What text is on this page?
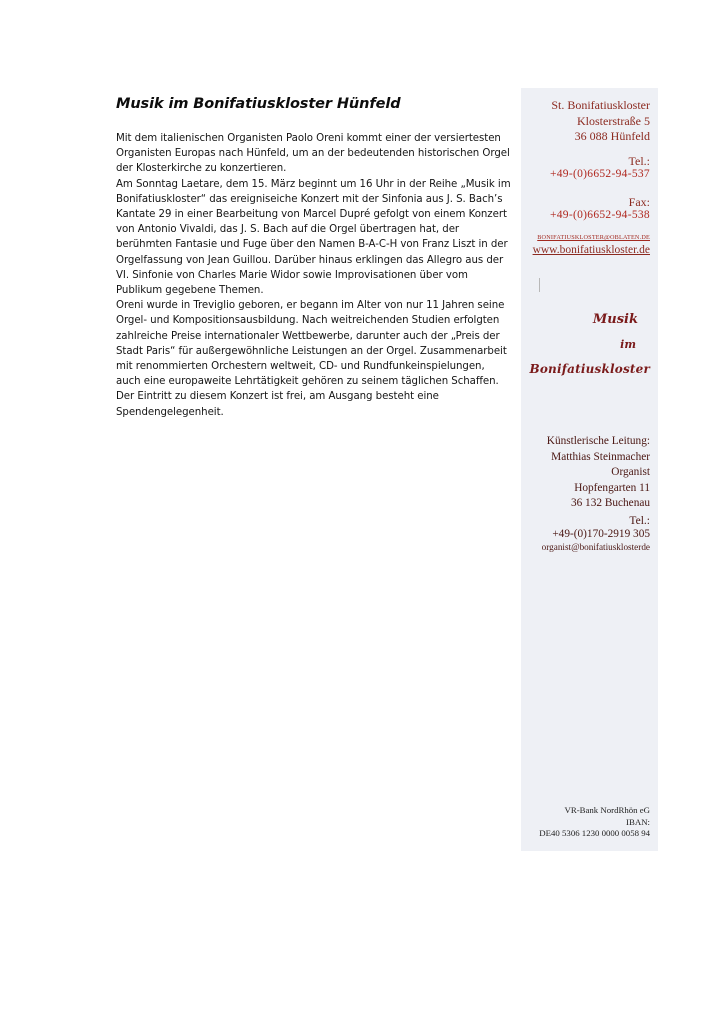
Musik im Bonifatiuskloster Hünfeld

Mit dem italienischen Organisten Paolo Oreni kommt einer der versiertesten Organisten Europas nach Hünfeld, um an der bedeutenden historischen Orgel der Klosterkirche zu konzertieren.

Am Sonntag Laetare, dem 15. März beginnt um 16 Uhr in der Reihe „Musik im Bonifatiuskloster“ das ereigniseiche Konzert mit der Sinfonia aus J. S. Bach’s Kantate 29 in einer Bearbeitung von Marcel Dupré gefolgt von einem Konzert von Antonio Vivaldi, das J. S. Bach auf die Orgel übertragen hat, der berühmten Fantasie und Fuge über den Namen B-A-C-H von Franz Liszt in der Orgelfassung von Jean Guillou. Darüber hinaus erklingen das Allegro aus der VI. Sinfonie von Charles Marie Widor sowie Improvisationen über vom Publikum gegebene Themen.

Oreni wurde in Treviglio geboren, er begann im Alter von nur 11 Jahren seine Orgel- und Kompositionsausbildung. Nach weitreichenden Studien erfolgten zahlreiche Preise internationaler Wettbewerbe, darunter auch der „Preis der Stadt Paris“ für außergewöhnliche Leistungen an der Orgel. Zusammenarbeit mit renommierten Orchestern weltweit, CD- und Rundfunkeinspielungen, auch eine europaweite Lehrtätigkeit gehören zu seinem täglichen Schaffen.

Der Eintritt zu diesem Konzert ist frei, am Ausgang besteht eine Spendengelegenheit.

St. Bonifatiuskloster
Klosterstraße 5
36 088 Hünfeld
Tel.:
+49-(0)6652-94-537
Fax:
+49-(0)6652-94-538
BONIFATIUSKLOSTER@OBLATEN.DE
www.bonifatiuskloster.de
Musik
im
Bonifatiuskloster
Künstlerische Leitung:
Matthias Steinmacher
Organist
Hopfengarten 11
36 132 Buchenau
Tel.:
+49-(0)170-2919 305
organist@bonifatiusklosterde
VR-Bank NordRhön eG
IBAN:
DE40 5306 1230 0000 0058 94
